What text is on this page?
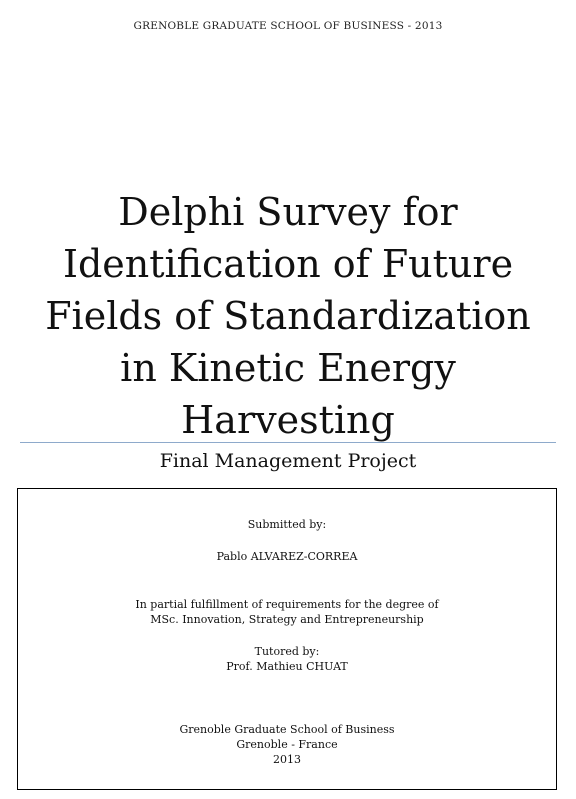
GRENOBLE GRADUATE SCHOOL OF BUSINESS - 2013
Delphi Survey for
Identification of Future
Fields of Standardization
in Kinetic Energy
Harvesting
Final Management Project
Submitted by:
Pablo ALVAREZ-CORREA
In partial fulfillment of requirements for the degree of
MSc. Innovation, Strategy and Entrepreneurship
Tutored by:
Prof. Mathieu CHUAT
Grenoble Graduate School of Business
Grenoble - France
2013
